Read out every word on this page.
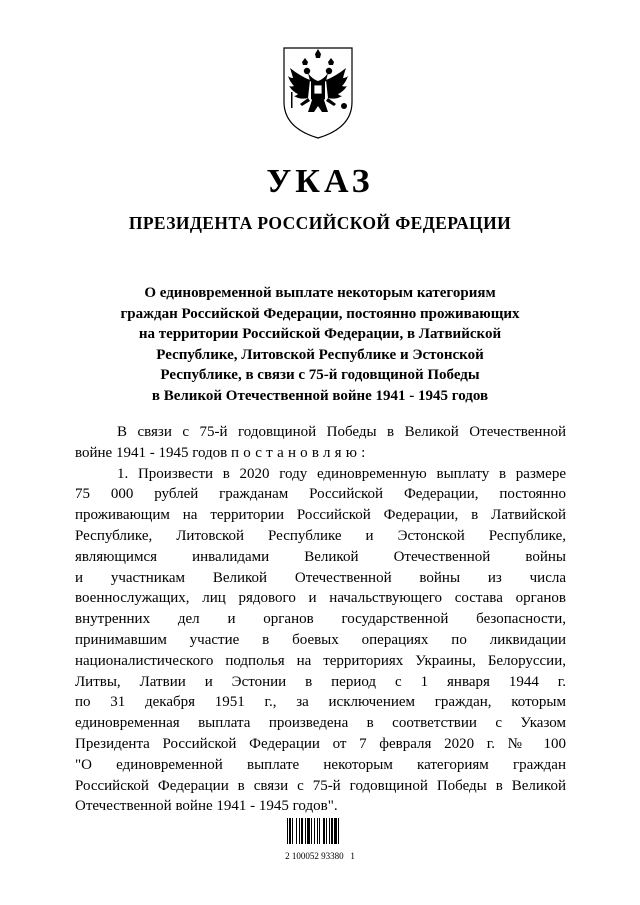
УКАЗ
ПРЕЗИДЕНТА РОССИЙСКОЙ ФЕДЕРАЦИИ
О единовременной выплате некоторым категориям
граждан Российской Федерации, постоянно проживающих
на территории Российской Федерации, в Латвийской
Республике, Литовской Республике и Эстонской
Республике, в связи с 75-й годовщиной Победы
в Великой Отечественной войне 1941 - 1945 годов
В связи с 75-й годовщиной Победы в Великой Отечественной
войне 1941 - 1945 годов постановляю:
1. Произвести в 2020 году единовременную выплату в размере
75 000 рублей гражданам Российской Федерации, постоянно
проживающим на территории Российской Федерации, в Латвийской
Республике, Литовской Республике и Эстонской Республике,
являющимся инвалидами Великой Отечественной войны
и участникам Великой Отечественной войны из числа
военнослужащих, лиц рядового и начальствующего состава органов
внутренних дел и органов государственной безопасности,
принимавшим участие в боевых операциях по ликвидации
националистического подполья на территориях Украины, Белоруссии,
Литвы, Латвии и Эстонии в период с 1 января 1944 г.
по 31 декабря 1951 г., за исключением граждан, которым
единовременная выплата произведена в соответствии с Указом
Президента Российской Федерации от 7 февраля 2020 г. № 100
"О единовременной выплате некоторым категориям граждан
Российской Федерации в связи с 75-й годовщиной Победы в Великой
Отечественной войне 1941 - 1945 годов".
2 100052 93380   1
